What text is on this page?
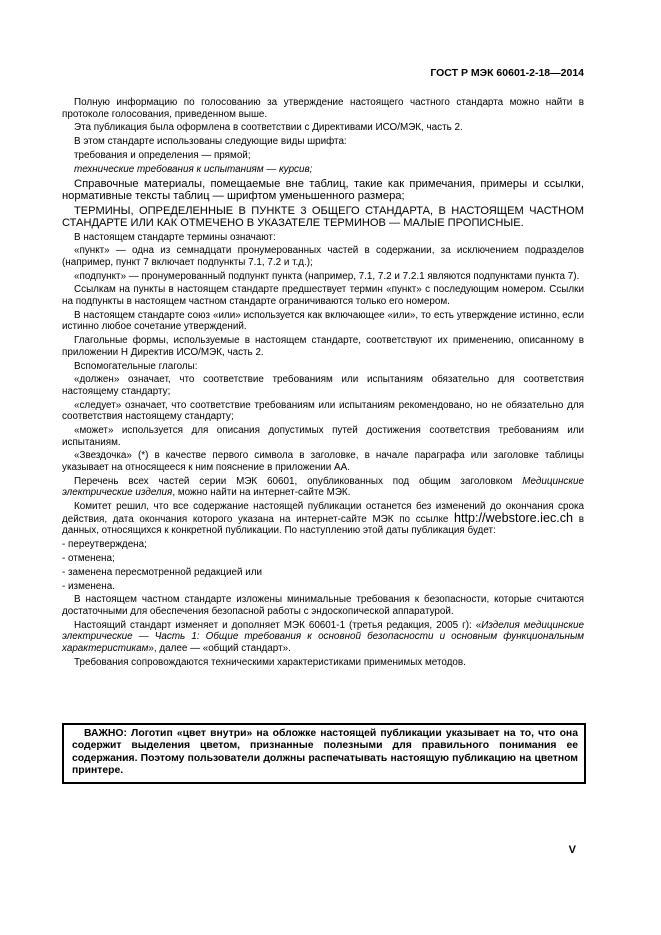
ГОСТ Р МЭК 60601-2-18—2014

Полную информацию по голосованию за утверждение настоящего частного стандарта можно найти в протоколе голосования, приведенном выше.

Эта публикация была оформлена в соответствии с Директивами ИСО/МЭК, часть 2.

В этом стандарте использованы следующие виды шрифта:

требования и определения — прямой;

технические требования к испытаниям — курсив;

Справочные материалы, помещаемые вне таблиц, такие как примечания, примеры и ссылки, нормативные тексты таблиц — шрифтом уменьшенного размера;

ТЕРМИНЫ, ОПРЕДЕЛЕННЫЕ В ПУНКТЕ 3 ОБЩЕГО СТАНДАРТА, В НАСТОЯЩЕМ ЧАСТНОМ СТАНДАРТЕ ИЛИ КАК ОТМЕЧЕНО В УКАЗАТЕЛЕ ТЕРМИНОВ — МАЛЫЕ ПРОПИСНЫЕ.

В настоящем стандарте термины означают:

«пункт» — одна из семнадцати пронумерованных частей в содержании, за исключением подразделов (например, пункт 7 включает подпункты 7.1, 7.2 и т.д.);

«подпункт» — пронумерованный подпункт пункта (например, 7.1, 7.2 и 7.2.1 являются подпунктами пункта 7).

Ссылкам на пункты в настоящем стандарте предшествует термин «пункт» с последующим номером. Ссылки на подпункты в настоящем частном стандарте ограничиваются только его номером.

В настоящем стандарте союз «или» используется как включающее «или», то есть утверждение истинно, если истинно любое сочетание утверждений.

Глагольные формы, используемые в настоящем стандарте, соответствуют их применению, описанному в приложении Н Директив ИСО/МЭК, часть 2.

Вспомогательные глаголы:

«должен» означает, что соответствие требованиям или испытаниям обязательно для соответствия настоящему стандарту;

«следует» означает, что соответствие требованиям или испытаниям рекомендовано, но не обязательно для соответствия настоящему стандарту;

«может» используется для описания допустимых путей достижения соответствия требованиям или испытаниям.

«Звездочка» (*) в качестве первого символа в заголовке, в начале параграфа или заголовке таблицы указывает на относящееся к ним пояснение в приложении АА.

Перечень всех частей серии МЭК 60601, опубликованных под общим заголовком Медицинские электрические изделия, можно найти на интернет-сайте МЭК.

Комитет решил, что все содержание настоящей публикации останется без изменений до окончания срока действия, дата окончания которого указана на интернет-сайте МЭК по ссылке http://webstore.iec.ch в данных, относящихся к конкретной публикации. По наступлению этой даты публикация будет:

- переутверждена;

- отменена;

- заменена пересмотренной редакцией или

- изменена.

В настоящем частном стандарте изложены минимальные требования к безопасности, которые считаются достаточными для обеспечения безопасной работы с эндоскопической аппаратурой.

Настоящий стандарт изменяет и дополняет МЭК 60601-1 (третья редакция, 2005 г): «Изделия медицинские электрические — Часть 1: Общие требования к основной безопасности и основным функциональным характеристикам», далее — «общий стандарт».

Требования сопровождаются техническими характеристиками применимых методов.

ВАЖНО: Логотип «цвет внутри» на обложке настоящей публикации указывает на то, что она содержит выделения цветом, признанные полезными для правильного понимания ее содержания. Поэтому пользователи должны распечатывать настоящую публикацию на цветном принтере.
V
